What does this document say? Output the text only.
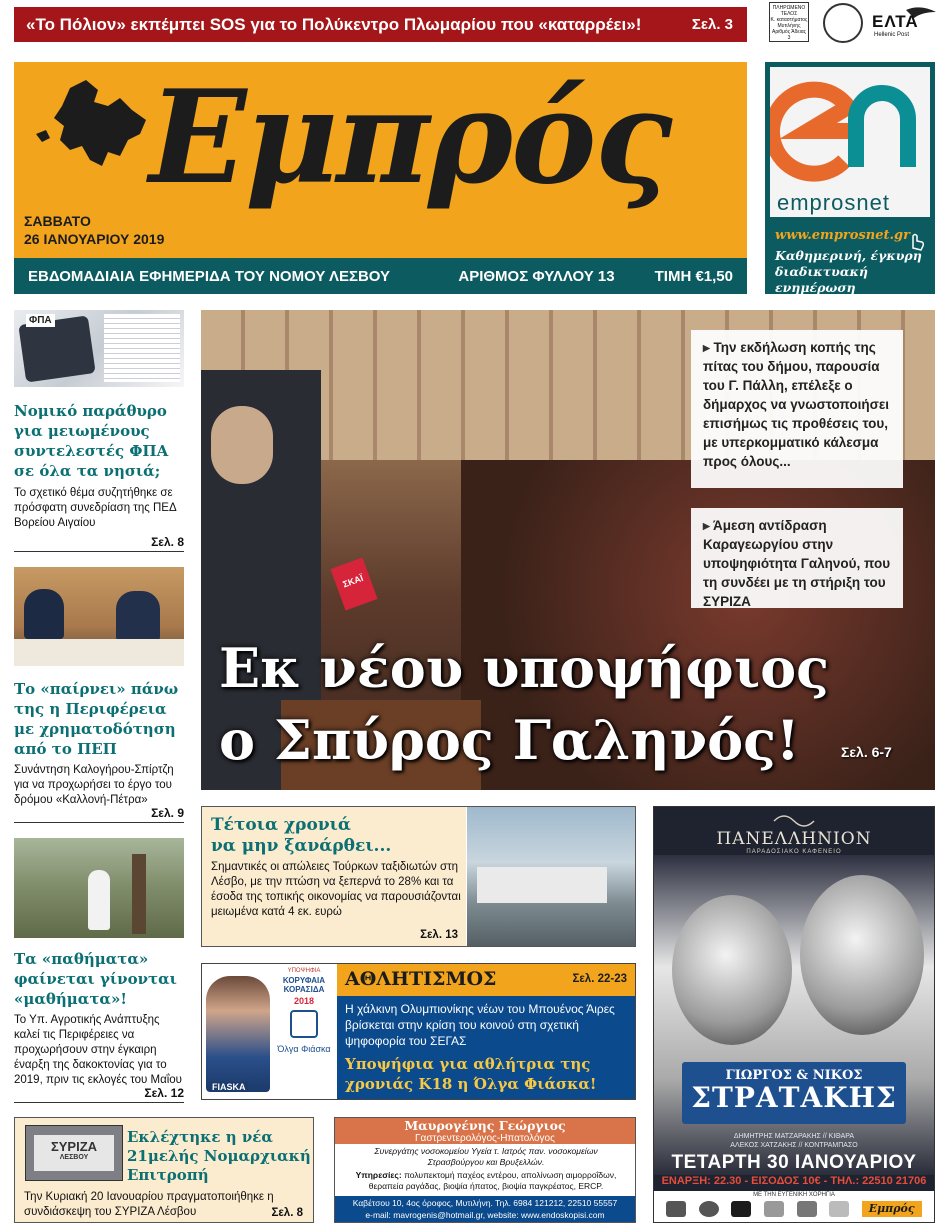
«Το Πόλιον» εκπέμπει SOS για το Πολύκεντρο Πλωμαρίου που «καταρρέει»!	Σελ. 3
ΠΛΗΡΩΜΕΝΟ ΤΕΛΟΣ
Κ. καταστήματος Μυτιλήνης
Αριθμός Άδειας 3
ΕΛΤΑ
Hellenic Post
Εμπρός
ΣΑΒΒΑΤΟ
26 ΙΑΝΟΥΑΡΙΟΥ 2019
ΕΒΔΟΜΑΔΙΑΙΑ ΕΦΗΜΕΡΙΔΑ ΤΟΥ ΝΟΜΟΥ ΛΕΣΒΟΥ	ΑΡΙΘΜΟΣ ΦΥΛΛΟΥ 13	ΤΙΜΗ €1,50
emprosnet
www.emprosnet.gr
Καθημερινή, έγκυρη
διαδικτυακή ενημέρωση
ΦΠΑ
Νομικό παράθυρο για μειωμένους συντελεστές ΦΠΑ σε όλα τα νησιά;
Το σχετικό θέμα συζητήθηκε σε πρόσφατη συνεδρίαση της ΠΕΔ Βορείου Αιγαίου
Σελ. 8
Το «παίρνει» πάνω της η Περιφέρεια με χρηματοδότηση από το ΠΕΠ
Συνάντηση Καλογήρου-Σπίρτζη για να προχωρήσει το έργο του δρόμου «Καλλονή-Πέτρα»
Σελ. 9
Τα «παθήματα» φαίνεται γίνονται «μαθήματα»!
Το Υπ. Αγροτικής Ανάπτυξης καλεί τις Περιφέρειες να προχωρήσουν στην έγκαιρη έναρξη της δακοκτονίας για το 2019, πριν τις εκλογές του Μαΐου
Σελ. 12
ΣΚΑΪ
▸ Την εκδήλωση κοπής της πίτας του δήμου, παρουσία του Γ. Πάλλη, επέλεξε ο δήμαρχος να γνωστοποιήσει επισήμως τις προθέσεις του, με υπερκομματικό κάλεσμα προς όλους...
▸ Άμεση αντίδραση Καραγεωργίου στην υποψηφιότητα Γαληνού, που τη συνδέει με τη στήριξη του ΣΥΡΙΖΑ
Εκ νέου υποψήφιος
ο Σπύρος Γαληνός!	Σελ. 6-7
Τέτοια χρονιά
να μην ξανάρθει...
Σημαντικές οι απώλειες Τούρκων ταξιδιωτών στη Λέσβο, με την πτώση να ξεπερνά το 28% και τα έσοδα της τοπικής οικονομίας να παρουσιάζονται μειωμένα κατά 4 εκ. ευρώ
Σελ. 13
FIASKA
ΥΠΟΨΗΦΙΑ
ΚΟΡΥΦΑΙΑ ΚΟΡΑΣΙΔΑ
2018
Όλγα Φιάσκα
ΑΘΛΗΤΙΣΜΟΣ	Σελ. 22-23
Η χάλκινη Ολυμπιονίκης νέων του Μπουένος Άιρες βρίσκεται στην κρίση του κοινού στη σχετική ψηφοφορία του ΣΕΓΑΣ
Υποψήφια για αθλήτρια της χρονιάς Κ18 η Όλγα Φιάσκα!
ΣΥΡΙΖΑ
ΛΕΣΒΟΥ
Εκλέχτηκε η νέα 21μελής Νομαρχιακή Επιτροπή
Την Κυριακή 20 Ιανουαρίου πραγματοποιήθηκε η συνδιάσκεψη του ΣΥΡΙΖΑ Λέσβου	Σελ. 8
Μαυρογένης Γεώργιος
Γαστρεντερολόγος-Ηπατολόγος
Συνεργάτης νοσοκομείου Υγεία τ. Ιατρός παν. νοσοκομείων
Στρασβούργου και Βρυξελλών.
Υπηρεσίες: πολυπεκτομή παχέος εντέρου, απολίνωση αιμορροΐδων, θεραπεία ραγάδας, βιοψία ήπατος, βιοψία παγκρέατος, ERCP.
Καβέτσου 10, 4ος όροφος, Μυτιλήνη. Τηλ. 6984 121212, 22510 55557
e-mail: mavrogenis@hotmail.gr, website: www.endoskopisi.com
ΠΑΝΕΛΛΗΝΙΟΝ
ΠΑΡΑΔΟΣΙΑΚΟ ΚΑΦΕΝΕΙΟ
ΓΙΩΡΓΟΣ & ΝΙΚΟΣ
ΣΤΡΑΤΑΚΗΣ
ΔΗΜΗΤΡΗΣ ΜΑΤΖΑΡΑΚΗΣ // ΚΙΘΑΡΑ
ΑΛΕΚΟΣ ΧΑΤΖΑΚΗΣ // ΚΟΝΤΡΑΜΠΑΣΟ
ΤΕΤΑΡΤΗ 30 ΙΑΝΟΥΑΡΙΟΥ
ΕΝΑΡΞΗ: 22.30 - ΕΙΣΟΔΟΣ 10€ - ΤΗΛ.: 22510 21706
ΜΕ ΤΗΝ ΕΥΓΕΝΙΚΗ ΧΟΡΗΓΙΑ
Εμπρός
